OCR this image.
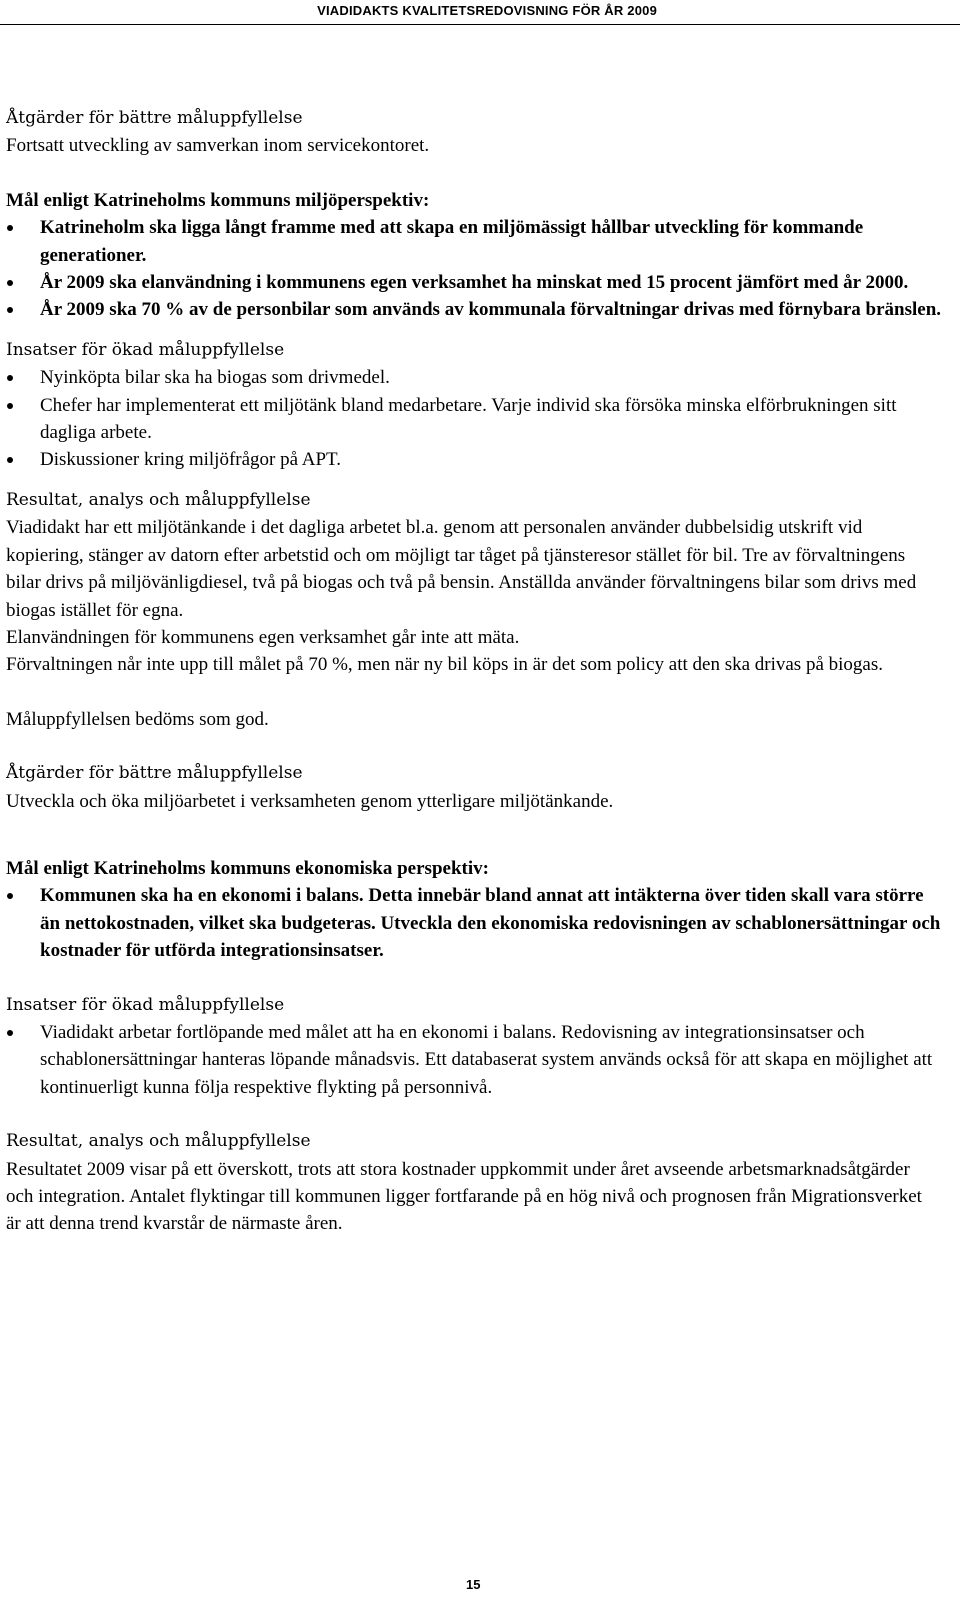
VIADIDAKTS KVALITETSREDOVISNING FÖR ÅR 2009

Åtgärder för bättre måluppfyllelse

Fortsatt utveckling av samverkan inom servicekontoret.

Mål enligt Katrineholms kommuns miljöperspektiv:

Katrineholm ska ligga långt framme med att skapa en miljömässigt hållbar utveckling för kommande generationer.
År 2009 ska elanvändning i kommunens egen verksamhet ha minskat med 15 procent jämfört med år 2000.
År 2009 ska 70 % av de personbilar som används av kommunala förvaltningar drivas med förnybara bränslen.

Insatser för ökad måluppfyllelse

Nyinköpta bilar ska ha biogas som drivmedel.
Chefer har implementerat ett miljötänk bland medarbetare. Varje individ ska försöka minska elförbrukningen sitt dagliga arbete.
Diskussioner kring miljöfrågor på APT.

Resultat, analys och måluppfyllelse

Viadidakt har ett miljötänkande i det dagliga arbetet bl.a. genom att personalen använder dubbelsidig utskrift vid kopiering, stänger av datorn efter arbetstid och om möjligt tar tåget på tjänsteresor stället för bil. Tre av förvaltningens bilar drivs på miljövänligdiesel, två på biogas och två på bensin. Anställda använder förvaltningens bilar som drivs med biogas istället för egna.

Elanvändningen för kommunens egen verksamhet går inte att mäta.

Förvaltningen når inte upp till målet på 70 %, men när ny bil köps in är det som policy att den ska drivas på biogas.

Måluppfyllelsen bedöms som god.

Åtgärder för bättre måluppfyllelse

Utveckla och öka miljöarbetet i verksamheten genom ytterligare miljötänkande.

Mål enligt Katrineholms kommuns ekonomiska perspektiv:

Kommunen ska ha en ekonomi i balans. Detta innebär bland annat att intäkterna över tiden skall vara större än nettokostnaden, vilket ska budgeteras. Utveckla den ekonomiska redovisningen av schablonersättningar och kostnader för utförda integrationsinsatser.

Insatser för ökad måluppfyllelse

Viadidakt arbetar fortlöpande med målet att ha en ekonomi i balans. Redovisning av integrationsinsatser och schablonersättningar hanteras löpande månadsvis. Ett databaserat system används också för att skapa en möjlighet att kontinuerligt kunna följa respektive flykting på personnivå.

Resultat, analys och måluppfyllelse

Resultatet 2009 visar på ett överskott, trots att stora kostnader uppkommit under året avseende arbetsmarknadsåtgärder och integration. Antalet flyktingar till kommunen ligger fortfarande på en hög nivå och prognosen från Migrationsverket är att denna trend kvarstår de närmaste åren.

15
